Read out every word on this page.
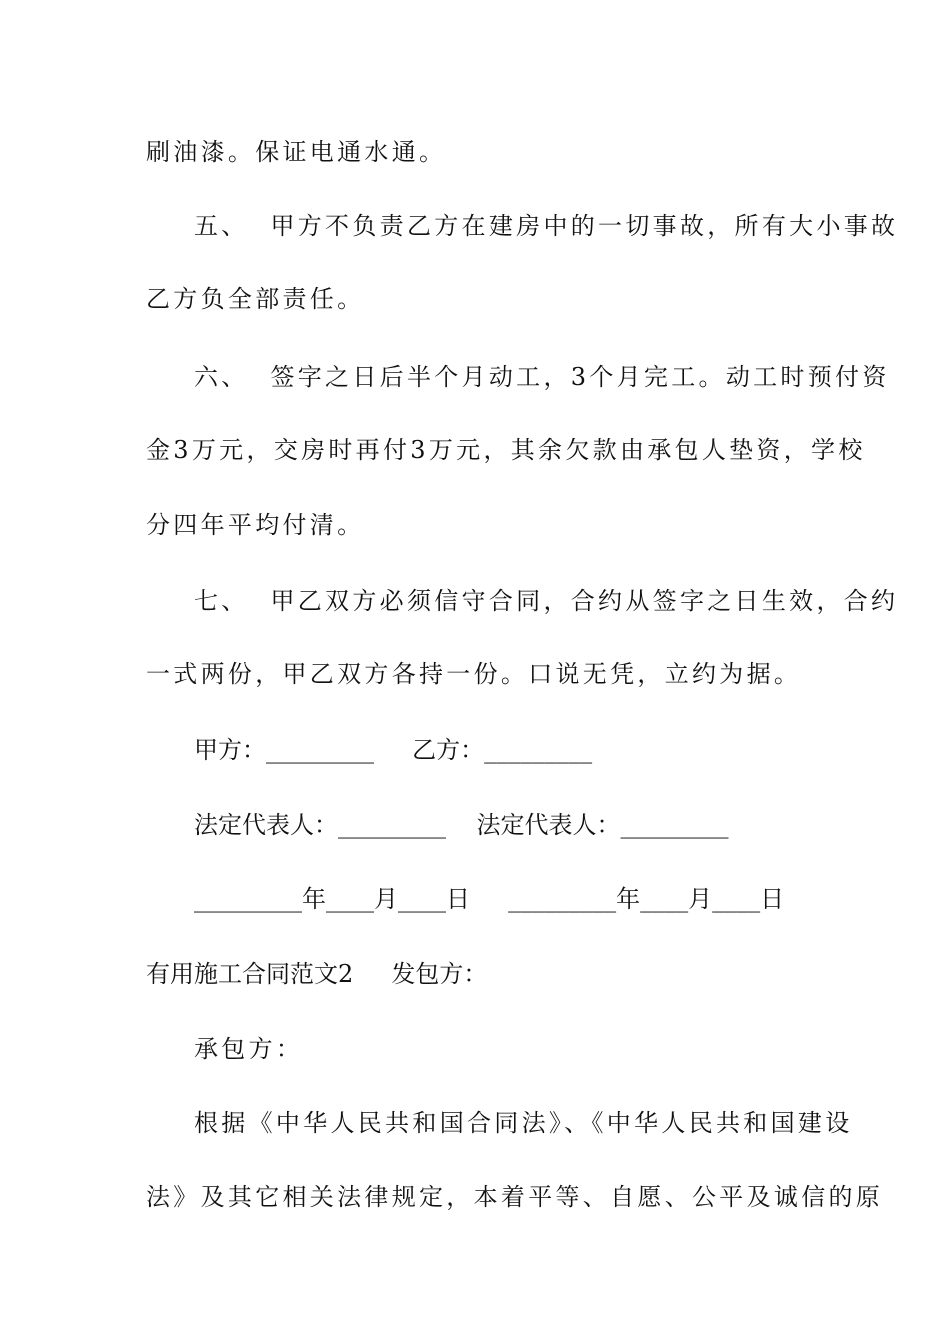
刷油漆。保证电通水通。
五、  甲方不负责乙方在建房中的一切事故，所有大小事故
乙方负全部责任。
六、  签字之日后半个月动工，3个月完工。动工时预付资
金3万元，交房时再付3万元，其余欠款由承包人垫资，学校
分四年平均付清。
七、  甲乙双方必须信守合同，合约从签字之日生效，合约
一式两份，甲乙双方各持一份。口说无凭，立约为据。
甲方：_________     乙方：_________
法定代表人：_________    法定代表人：_________
_________年____月____日     _________年____月____日
有用施工合同范文2     发包方：
承包方：
根据《中华人民共和国合同法》、《中华人民共和国建设
法》及其它相关法律规定，本着平等、自愿、公平及诚信的原
